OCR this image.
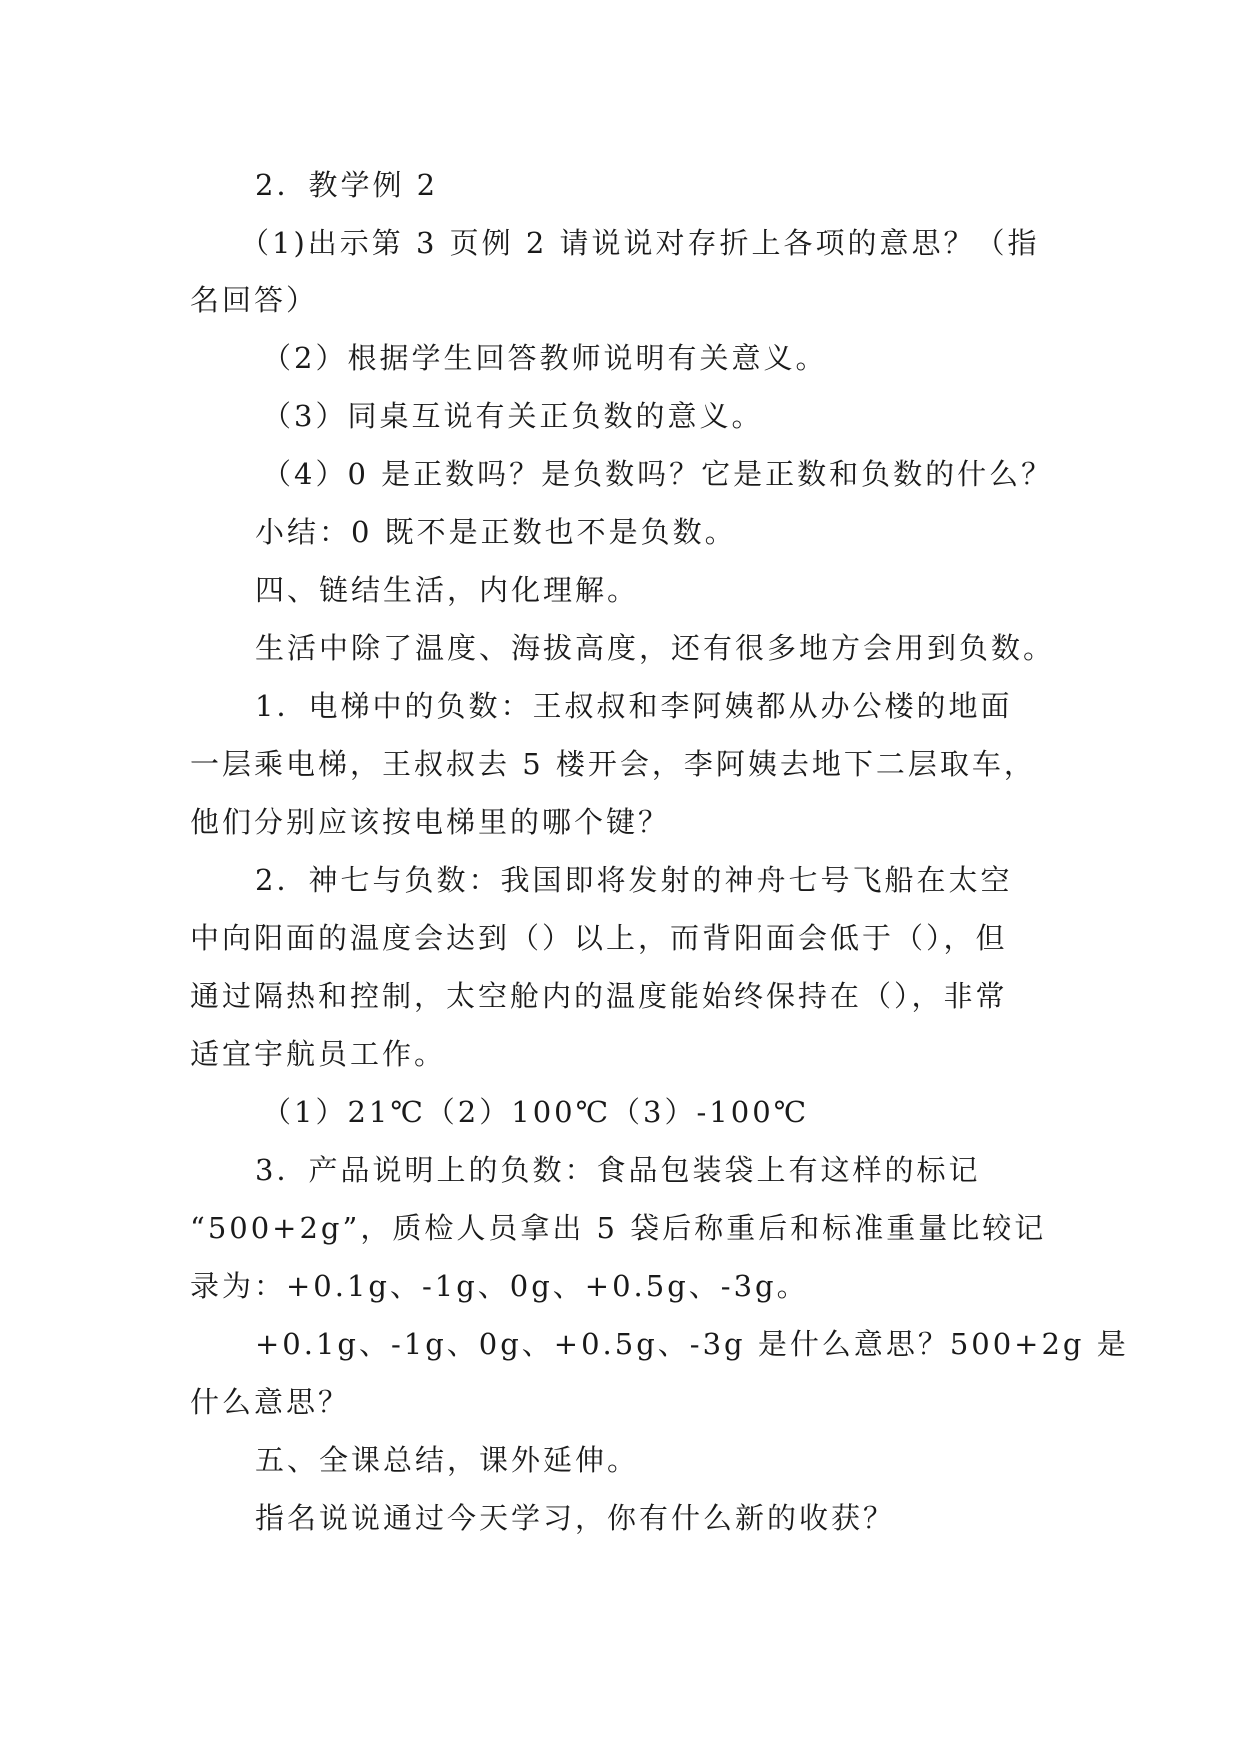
2．教学例 2
（1)出示第 3 页例 2 请说说对存折上各项的意思？（指
名回答）
（2）根据学生回答教师说明有关意义。
（3）同桌互说有关正负数的意义。
（4）0 是正数吗？是负数吗？它是正数和负数的什么？
小结：0 既不是正数也不是负数。
四、链结生活，内化理解。
生活中除了温度、海拔高度，还有很多地方会用到负数。
1．电梯中的负数：王叔叔和李阿姨都从办公楼的地面
一层乘电梯，王叔叔去 5 楼开会，李阿姨去地下二层取车，
他们分别应该按电梯里的哪个键？
2．神七与负数：我国即将发射的神舟七号飞船在太空
中向阳面的温度会达到（）以上，而背阳面会低于（），但
通过隔热和控制，太空舱内的温度能始终保持在（），非常
适宜宇航员工作。
（1）21℃（2）100℃（3）-100℃
3．产品说明上的负数：食品包装袋上有这样的标记
“500+2g”，质检人员拿出 5 袋后称重后和标准重量比较记
录为：+0.1g、-1g、0g、+0.5g、-3g。
+0.1g、-1g、0g、+0.5g、-3g 是什么意思？500+2g 是
什么意思？
五、全课总结，课外延伸。
指名说说通过今天学习，你有什么新的收获？
